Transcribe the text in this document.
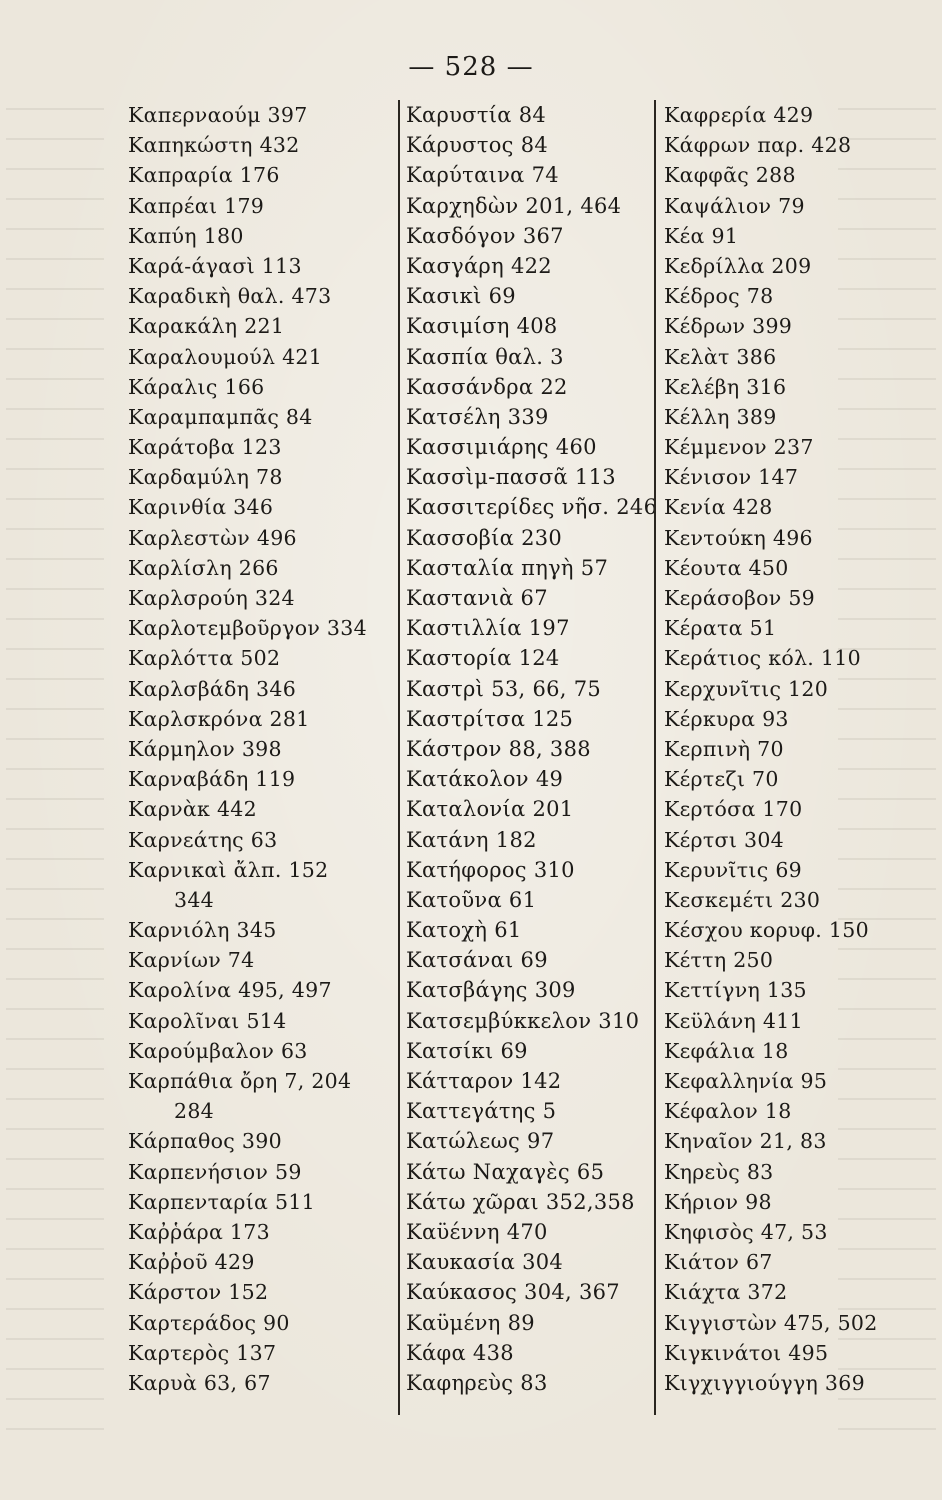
— 528 —
Καπερναούμ 397
Καπηκώστη 432
Καπραρία 176
Καπρέαι 179
Καπύη 180
Καρά-άγασὶ 113
Καραδικὴ θαλ. 473
Καρακάλη 221
Καραλουμούλ 421
Κάραλις 166
Καραμπαμπᾶς 84
Καράτοβα 123
Καρδαμύλη 78
Καρινθία 346
Καρλεστὼν 496
Καρλίσλη 266
Καρλσρούη 324
Καρλοτεμβοῦργον 334
Καρλόττα 502
Καρλσβάδη 346
Καρλσκρόνα 281
Κάρμηλον 398
Καρναβάδη 119
Καρνὰκ 442
Καρνεάτης 63
Καρνικαὶ ἄλπ. 152
344
Καρνιόλη 345
Καρνίων 74
Καρολίνα 495, 497
Καρολῖναι 514
Καρούμβαλον 63
Καρπάθια ὄρη 7, 204
284
Κάρπαθος 390
Καρπενήσιον 59
Καρπενταρία 511
Καῤῥάρα 173
Καῤῥοῦ 429
Κάρστον 152
Καρτεράδος 90
Καρτερὸς 137
Καρυὰ 63, 67
Καρυστία 84
Κάρυστος 84
Καρύταινα 74
Καρχηδὼν 201, 464
Κασδόγον 367
Κασγάρη 422
Κασικὶ 69
Κασιμίση 408
Κασπία θαλ. 3
Κασσάνδρα 22
Κατσέλη 339
Κασσιμιάρης 460
Κασσὶμ-πασσᾶ 113
Κασσιτερίδες νῆσ. 246
Κασσοβία 230
Κασταλία πηγὴ 57
Καστανιὰ 67
Καστιλλία 197
Καστορία 124
Καστρὶ 53, 66, 75
Καστρίτσα 125
Κάστρον 88, 388
Κατάκολον 49
Καταλονία 201
Κατάνη 182
Κατήφορος 310
Κατοῦνα 61
Κατοχὴ 61
Κατσάναι 69
Κατσβάγης 309
Κατσεμβύκκελον 310
Κατσίκι 69
Κάτταρον 142
Καττεγάτης 5
Κατώλεως 97
Κάτω Ναχαγὲς 65
Κάτω χῶραι 352,358
Καϋέννη 470
Καυκασία 304
Καύκασος 304, 367
Καϋμένη 89
Κάφα 438
Καφηρεὺς 83
Καφρερία 429
Κάφρων παρ. 428
Καφφᾶς 288
Καψάλιον 79
Κέα 91
Κεδρίλλα 209
Κέδρος 78
Κέδρων 399
Κελὰτ 386
Κελέβη 316
Κέλλη 389
Κέμμενον 237
Κένισον 147
Κενία 428
Κεντούκη 496
Κέουτα 450
Κεράσοβον 59
Κέρατα 51
Κεράτιος κόλ. 110
Κερχυνῖτις 120
Κέρκυρα 93
Κερπινὴ 70
Κέρτεζι 70
Κερτόσα 170
Κέρτσι 304
Κερυνῖτις 69
Κεσκεμέτι 230
Κέσχου κορυφ. 150
Κέττη 250
Κεττίγνη 135
Κεϋλάνη 411
Κεφάλια 18
Κεφαλληνία 95
Κέφαλον 18
Κηναῖον 21, 83
Κηρεὺς 83
Κήριον 98
Κηφισὸς 47, 53
Κιάτον 67
Κιάχτα 372
Κιγγιστὼν 475, 502
Κιγκινάτοι 495
Κιγχιγγιούγγη 369
